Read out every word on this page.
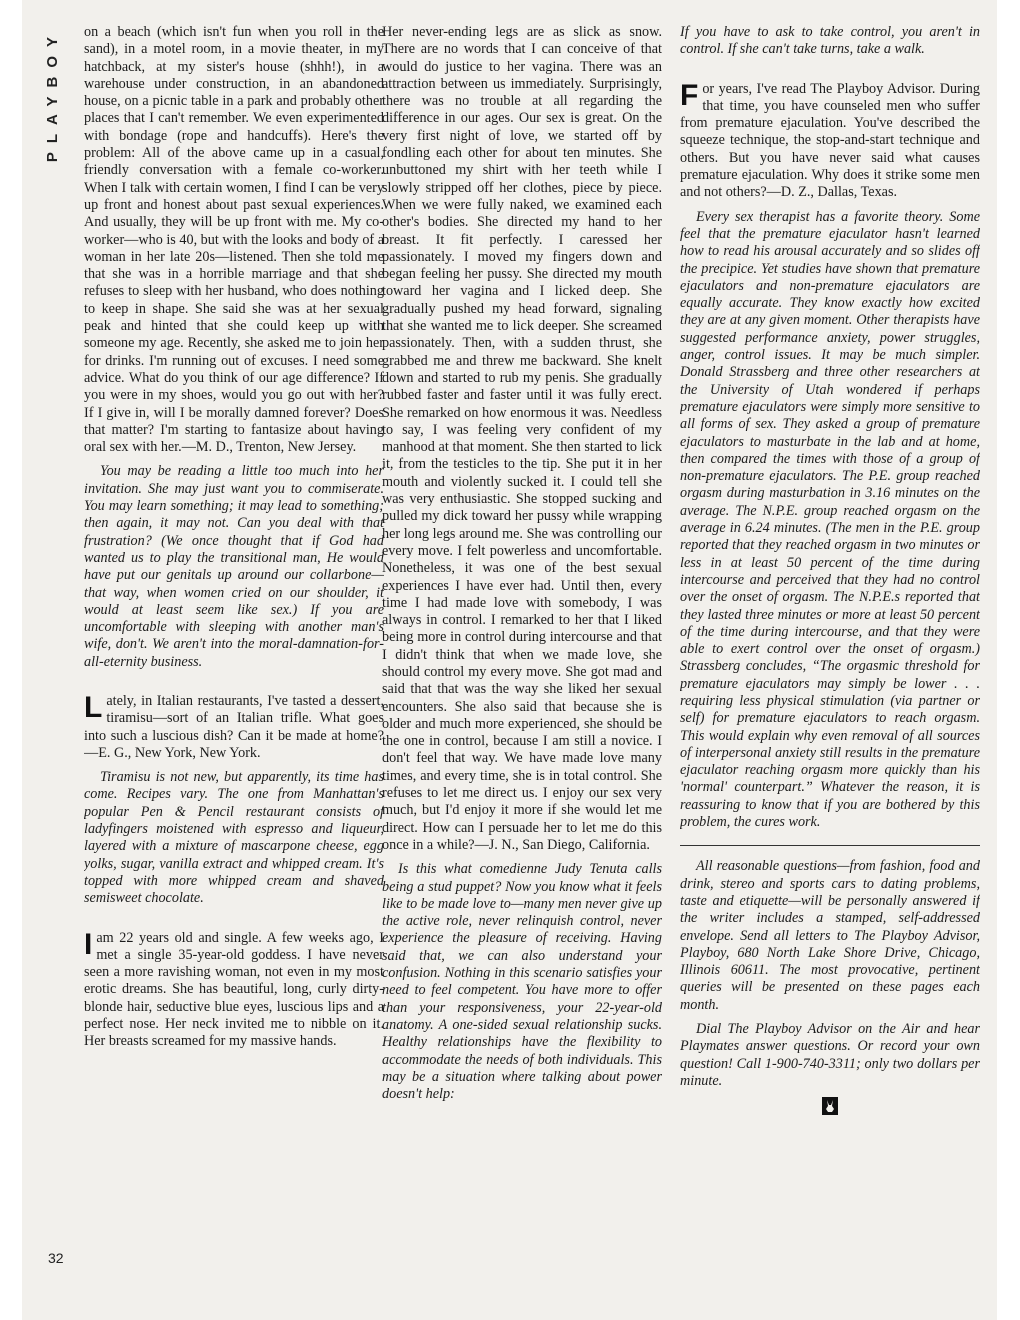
PLAYBOY
32

on a beach (which isn't fun when you roll in the sand), in a motel room, in a movie theater, in my hatchback, at my sister's house (shhh!), in a warehouse under construction, in an abandoned house, on a picnic table in a park and probably other places that I can't remember. We even experimented with bondage (rope and handcuffs). Here's the problem: All of the above came up in a casual, friendly conversation with a female co-worker. When I talk with certain women, I find I can be very up front and honest about past sexual experiences. And usually, they will be up front with me. My co-worker—who is 40, but with the looks and body of a woman in her late 20s—listened. Then she told me that she was in a horrible marriage and that she refuses to sleep with her husband, who does nothing to keep in shape. She said she was at her sexual peak and hinted that she could keep up with someone my age. Recently, she asked me to join her for drinks. I'm running out of excuses. I need some advice. What do you think of our age difference? If you were in my shoes, would you go out with her? If I give in, will I be morally damned forever? Does that matter? I'm starting to fantasize about having oral sex with her.—M. D., Trenton, New Jersey.

You may be reading a little too much into her invitation. She may just want you to commiserate. You may learn something; it may lead to something; then again, it may not. Can you deal with that frustration? (We once thought that if God had wanted us to play the transitional man, He would have put our genitals up around our collarbone—that way, when women cried on our shoulder, it would at least seem like sex.) If you are uncomfortable with sleeping with another man's wife, don't. We aren't into the moral-damnation-for-all-eternity business.

Lately, in Italian restaurants, I've tasted a dessert, tiramisu—sort of an Italian trifle. What goes into such a luscious dish? Can it be made at home?—E. G., New York, New York.

Tiramisu is not new, but apparently, its time has come. Recipes vary. The one from Manhattan's popular Pen & Pencil restaurant consists of ladyfingers moistened with espresso and liqueur, layered with a mixture of mascarpone cheese, egg yolks, sugar, vanilla extract and whipped cream. It's topped with more whipped cream and shaved semisweet chocolate.

Iam 22 years old and single. A few weeks ago, I met a single 35-year-old goddess. I have never seen a more ravishing woman, not even in my most erotic dreams. She has beautiful, long, curly dirty-blonde hair, seductive blue eyes, luscious lips and a perfect nose. Her neck invited me to nibble on it. Her breasts screamed for my massive hands.

Her never-ending legs are as slick as snow. There are no words that I can conceive of that would do justice to her vagina. There was an attraction between us immediately. Surprisingly, there was no trouble at all regarding the difference in our ages. Our sex is great. On the very first night of love, we started off by fondling each other for about ten minutes. She unbuttoned my shirt with her teeth while I slowly stripped off her clothes, piece by piece. When we were fully naked, we examined each other's bodies. She directed my hand to her breast. It fit perfectly. I caressed her passionately. I moved my fingers down and began feeling her pussy. She directed my mouth toward her vagina and I licked deep. She gradually pushed my head forward, signaling that she wanted me to lick deeper. She screamed passionately. Then, with a sudden thrust, she grabbed me and threw me backward. She knelt down and started to rub my penis. She gradually rubbed faster and faster until it was fully erect. She remarked on how enormous it was. Needless to say, I was feeling very confident of my manhood at that moment. She then started to lick it, from the testicles to the tip. She put it in her mouth and violently sucked it. I could tell she was very enthusiastic. She stopped sucking and pulled my dick toward her pussy while wrapping her long legs around me. She was controlling our every move. I felt powerless and uncomfortable. Nonetheless, it was one of the best sexual experiences I have ever had. Until then, every time I had made love with somebody, I was always in control. I remarked to her that I liked being more in control during intercourse and that I didn't think that when we made love, she should control my every move. She got mad and said that that was the way she liked her sexual encounters. She also said that because she is older and much more experienced, she should be the one in control, because I am still a novice. I don't feel that way. We have made love many times, and every time, she is in total control. She refuses to let me direct us. I enjoy our sex very much, but I'd enjoy it more if she would let me direct. How can I persuade her to let me do this once in a while?—J. N., San Diego, California.

Is this what comedienne Judy Tenuta calls being a stud puppet? Now you know what it feels like to be made love to—many men never give up the active role, never relinquish control, never experience the pleasure of receiving. Having said that, we can also understand your confusion. Nothing in this scenario satisfies your need to feel competent. You have more to offer than your responsiveness, your 22-year-old anatomy. A one-sided sexual relationship sucks. Healthy relationships have the flexibility to accommodate the needs of both individuals. This may be a situation where talking about power doesn't help:

If you have to ask to take control, you aren't in control. If she can't take turns, take a walk.

For years, I've read The Playboy Advisor. During that time, you have counseled men who suffer from premature ejaculation. You've described the squeeze technique, the stop-and-start technique and others. But you have never said what causes premature ejaculation. Why does it strike some men and not others?—D. Z., Dallas, Texas.

Every sex therapist has a favorite theory. Some feel that the premature ejaculator hasn't learned how to read his arousal accurately and so slides off the precipice. Yet studies have shown that premature ejaculators and non-premature ejaculators are equally accurate. They know exactly how excited they are at any given moment. Other therapists have suggested performance anxiety, power struggles, anger, control issues. It may be much simpler. Donald Strassberg and three other researchers at the University of Utah wondered if perhaps premature ejaculators were simply more sensitive to all forms of sex. They asked a group of premature ejaculators to masturbate in the lab and at home, then compared the times with those of a group of non-premature ejaculators. The P.E. group reached orgasm during masturbation in 3.16 minutes on the average. The N.P.E. group reached orgasm on the average in 6.24 minutes. (The men in the P.E. group reported that they reached orgasm in two minutes or less in at least 50 percent of the time during intercourse and perceived that they had no control over the onset of orgasm. The N.P.E.s reported that they lasted three minutes or more at least 50 percent of the time during intercourse, and that they were able to exert control over the onset of orgasm.) Strassberg concludes, “The orgasmic threshold for premature ejaculators may simply be lower . . . requiring less physical stimulation (via partner or self) for premature ejaculators to reach orgasm. This would explain why even removal of all sources of interpersonal anxiety still results in the premature ejaculator reaching orgasm more quickly than his 'normal' counterpart.” Whatever the reason, it is reassuring to know that if you are bothered by this problem, the cures work.

All reasonable questions—from fashion, food and drink, stereo and sports cars to dating problems, taste and etiquette—will be personally answered if the writer includes a stamped, self-addressed envelope. Send all letters to The Playboy Advisor, Playboy, 680 North Lake Shore Drive, Chicago, Illinois 60611. The most provocative, pertinent queries will be presented on these pages each month.

Dial The Playboy Advisor on the Air and hear Playmates answer questions. Or record your own question! Call 1-900-740-3311; only two dollars per minute.
